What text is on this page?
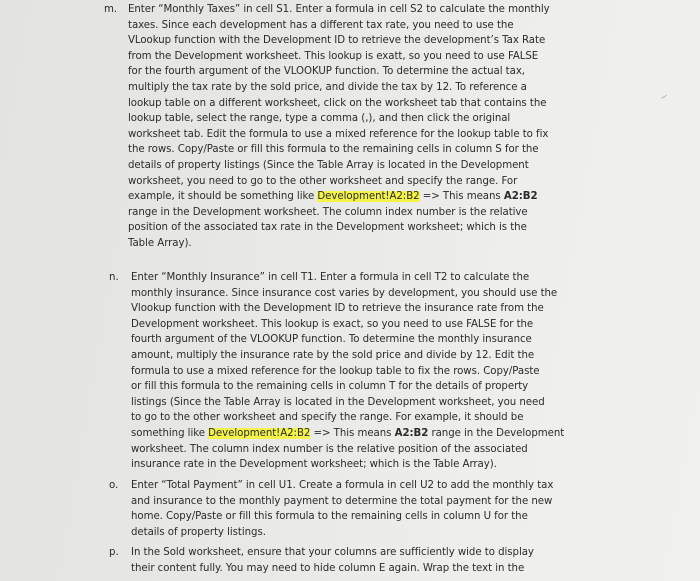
m. Enter “Monthly Taxes” in cell S1. Enter a formula in cell S2 to calculate the monthly
taxes. Since each development has a different tax rate, you need to use the
VLookup function with the Development ID to retrieve the development’s Tax Rate
from the Development worksheet. This lookup is exatt, so you need to use FALSE
for the fourth argument of the VLOOKUP function. To determine the actual tax,
multiply the tax rate by the sold price, and divide the tax by 12. To reference a
lookup table on a different worksheet, click on the worksheet tab that contains the
lookup table, select the range, type a comma (,), and then click the original
worksheet tab. Edit the formula to use a mixed reference for the lookup table to fix
the rows. Copy/Paste or fill this formula to the remaining cells in column S for the
details of property listings (Since the Table Array is located in the Development
worksheet, you need to go to the other worksheet and specify the range. For
example, it should be something like Development!A2:B2 => This means A2:B2
range in the Development worksheet. The column index number is the relative
position of the associated tax rate in the Development worksheet; which is the
Table Array).
n. Enter “Monthly Insurance” in cell T1. Enter a formula in cell T2 to calculate the
monthly insurance. Since insurance cost varies by development, you should use the
Vlookup function with the Development ID to retrieve the insurance rate from the
Development worksheet. This lookup is exact, so you need to use FALSE for the
fourth argument of the VLOOKUP function. To determine the monthly insurance
amount, multiply the insurance rate by the sold price and divide by 12. Edit the
formula to use a mixed reference for the lookup table to fix the rows. Copy/Paste
or fill this formula to the remaining cells in column T for the details of property
listings (Since the Table Array is located in the Development worksheet, you need
to go to the other worksheet and specify the range. For example, it should be
something like Development!A2:B2 => This means A2:B2 range in the Development
worksheet. The column index number is the relative position of the associated
insurance rate in the Development worksheet; which is the Table Array).
o. Enter “Total Payment” in cell U1. Create a formula in cell U2 to add the monthly tax
and insurance to the monthly payment to determine the total payment for the new
home. Copy/Paste or fill this formula to the remaining cells in column U for the
details of property listings.
p. In the Sold worksheet, ensure that your columns are sufficiently wide to display
their content fully. You may need to hide column E again. Wrap the text in the
